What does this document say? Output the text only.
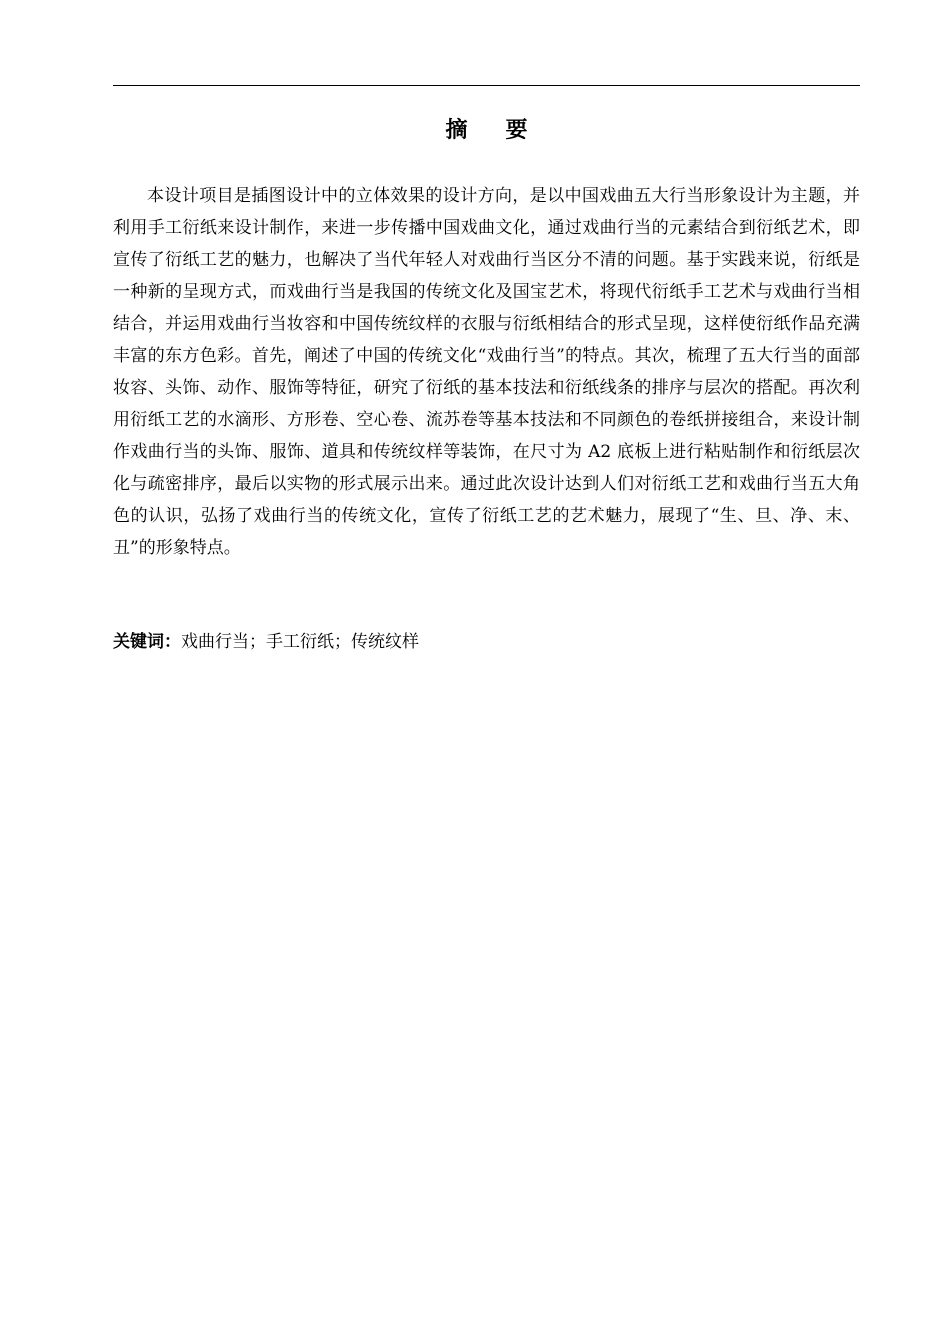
摘 要

本设计项目是插图设计中的立体效果的设计方向，是以中国戏曲五大行当形象设计为主题，并利用手工衍纸来设计制作，来进一步传播中国戏曲文化，通过戏曲行当的元素结合到衍纸艺术，即宣传了衍纸工艺的魅力，也解决了当代年轻人对戏曲行当区分不清的问题。基于实践来说，衍纸是一种新的呈现方式，而戏曲行当是我国的传统文化及国宝艺术，将现代衍纸手工艺术与戏曲行当相结合，并运用戏曲行当妆容和中国传统纹样的衣服与衍纸相结合的形式呈现，这样使衍纸作品充满丰富的东方色彩。首先，阐述了中国的传统文化“戏曲行当”的特点。其次，梳理了五大行当的面部妆容、头饰、动作、服饰等特征，研究了衍纸的基本技法和衍纸线条的排序与层次的搭配。再次利用衍纸工艺的水滴形、方形卷、空心卷、流苏卷等基本技法和不同颜色的卷纸拼接组合，来设计制作戏曲行当的头饰、服饰、道具和传统纹样等装饰，在尺寸为 A2 底板上进行粘贴制作和衍纸层次化与疏密排序，最后以实物的形式展示出来。通过此次设计达到人们对衍纸工艺和戏曲行当五大角色的认识，弘扬了戏曲行当的传统文化，宣传了衍纸工艺的艺术魅力，展现了“生、旦、净、末、丑”的形象特点。

关键词：戏曲行当；手工衍纸；传统纹样
